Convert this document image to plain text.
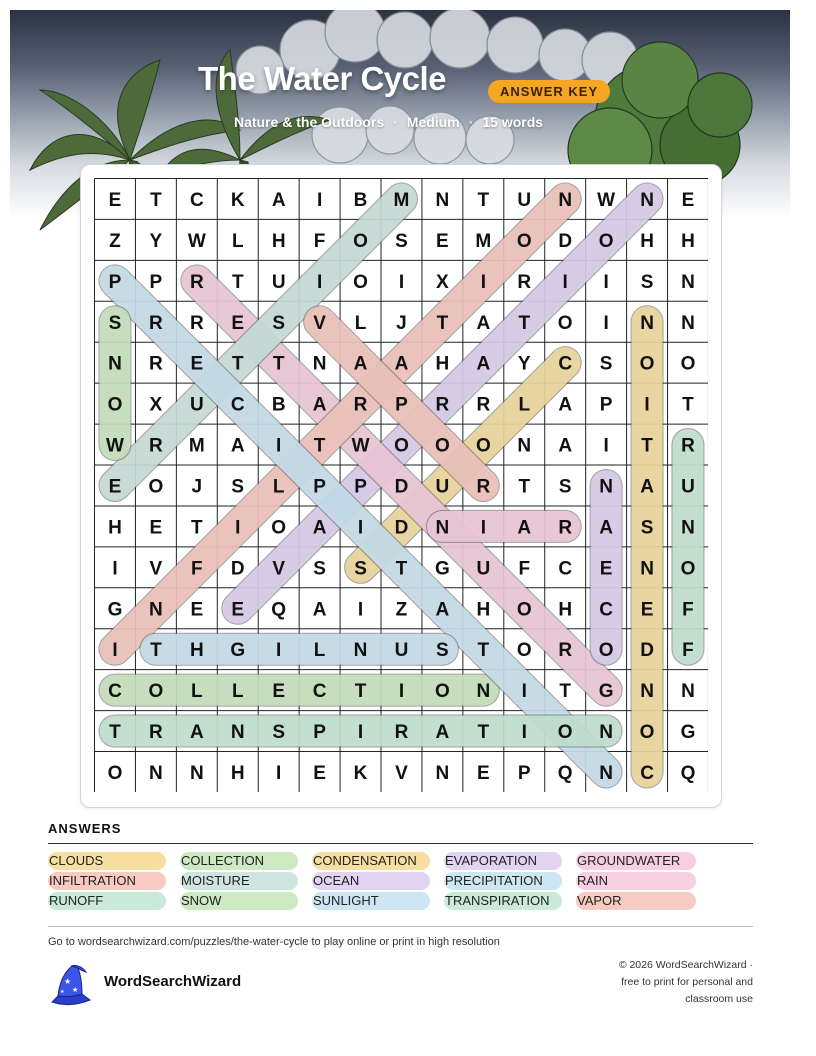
The Water Cycle	ANSWER KEY
Nature & the Outdoors · Medium · 15 words
E T C K A I B M N T U N W N E
Z Y W L H F O S E M O D O H H
P P R T U I O I X I R I I S N
S R R E S V L J T A T O I N N
N R E T T N A A H A Y C S O O
O X U C B A R P R R L A P I T
W R M A I T W O O O N A I T R
E O J S L P P D U R T S N A U
H E T I O A I D N I A R A S N
I V F D V S S T G U F C E N O
G N E E Q A I Z A H O H C E F
I T H G I L N U S T O R O D F
C O L L E C T I O N I T G N N
T R A N S P I R A T I O N O G
O N N H I E K V N E P Q N C Q
ANSWERS
CLOUDS	COLLECTION	CONDENSATION EVAPORATION	GROUNDWATER
INFILTRATION	MOISTURE	OCEAN	PRECIPITATION	RAIN
RUNOFF	SNOW	SUNLIGHT	TRANSPIRATION VAPOR
Go to wordsearchwizard.com/puzzles/the-water-cycle to play online or print in high resolution
★
★
★
WordSearchWizard
© 2026 WordSearchWizard ·
free to print for personal and
classroom use
